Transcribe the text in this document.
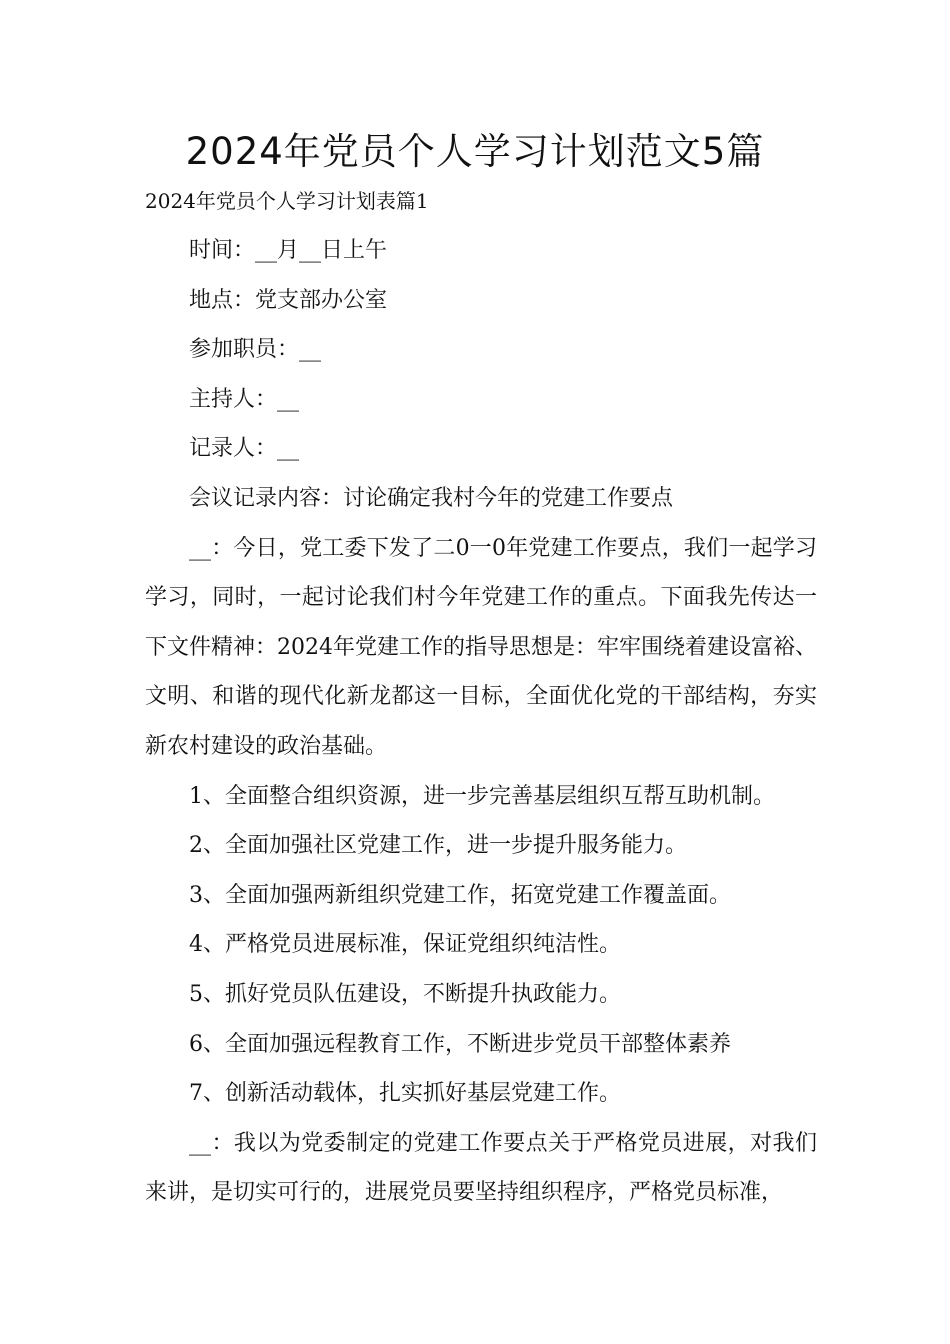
2024年党员个人学习计划范文5篇

2024年党员个人学习计划表篇1

时间：__月__日上午

地点：党支部办公室

参加职员：__

主持人：__

记录人：__

会议记录内容：讨论确定我村今年的党建工作要点

__：今日，党工委下发了二0一0年党建工作要点，我们一起学习学习，同时，一起讨论我们村今年党建工作的重点。下面我先传达一下文件精神：2024年党建工作的指导思想是：牢牢围绕着建设富裕、文明、和谐的现代化新龙都这一目标，全面优化党的干部结构，夯实新农村建设的政治基础。

1、全面整合组织资源，进一步完善基层组织互帮互助机制。

2、全面加强社区党建工作，进一步提升服务能力。

3、全面加强两新组织党建工作，拓宽党建工作覆盖面。

4、严格党员进展标准，保证党组织纯洁性。

5、抓好党员队伍建设，不断提升执政能力。

6、全面加强远程教育工作，不断进步党员干部整体素养

7、创新活动载体，扎实抓好基层党建工作。

__：我以为党委制定的党建工作要点关于严格党员进展，对我们来讲，是切实可行的，进展党员要坚持组织程序，严格党员标准，
